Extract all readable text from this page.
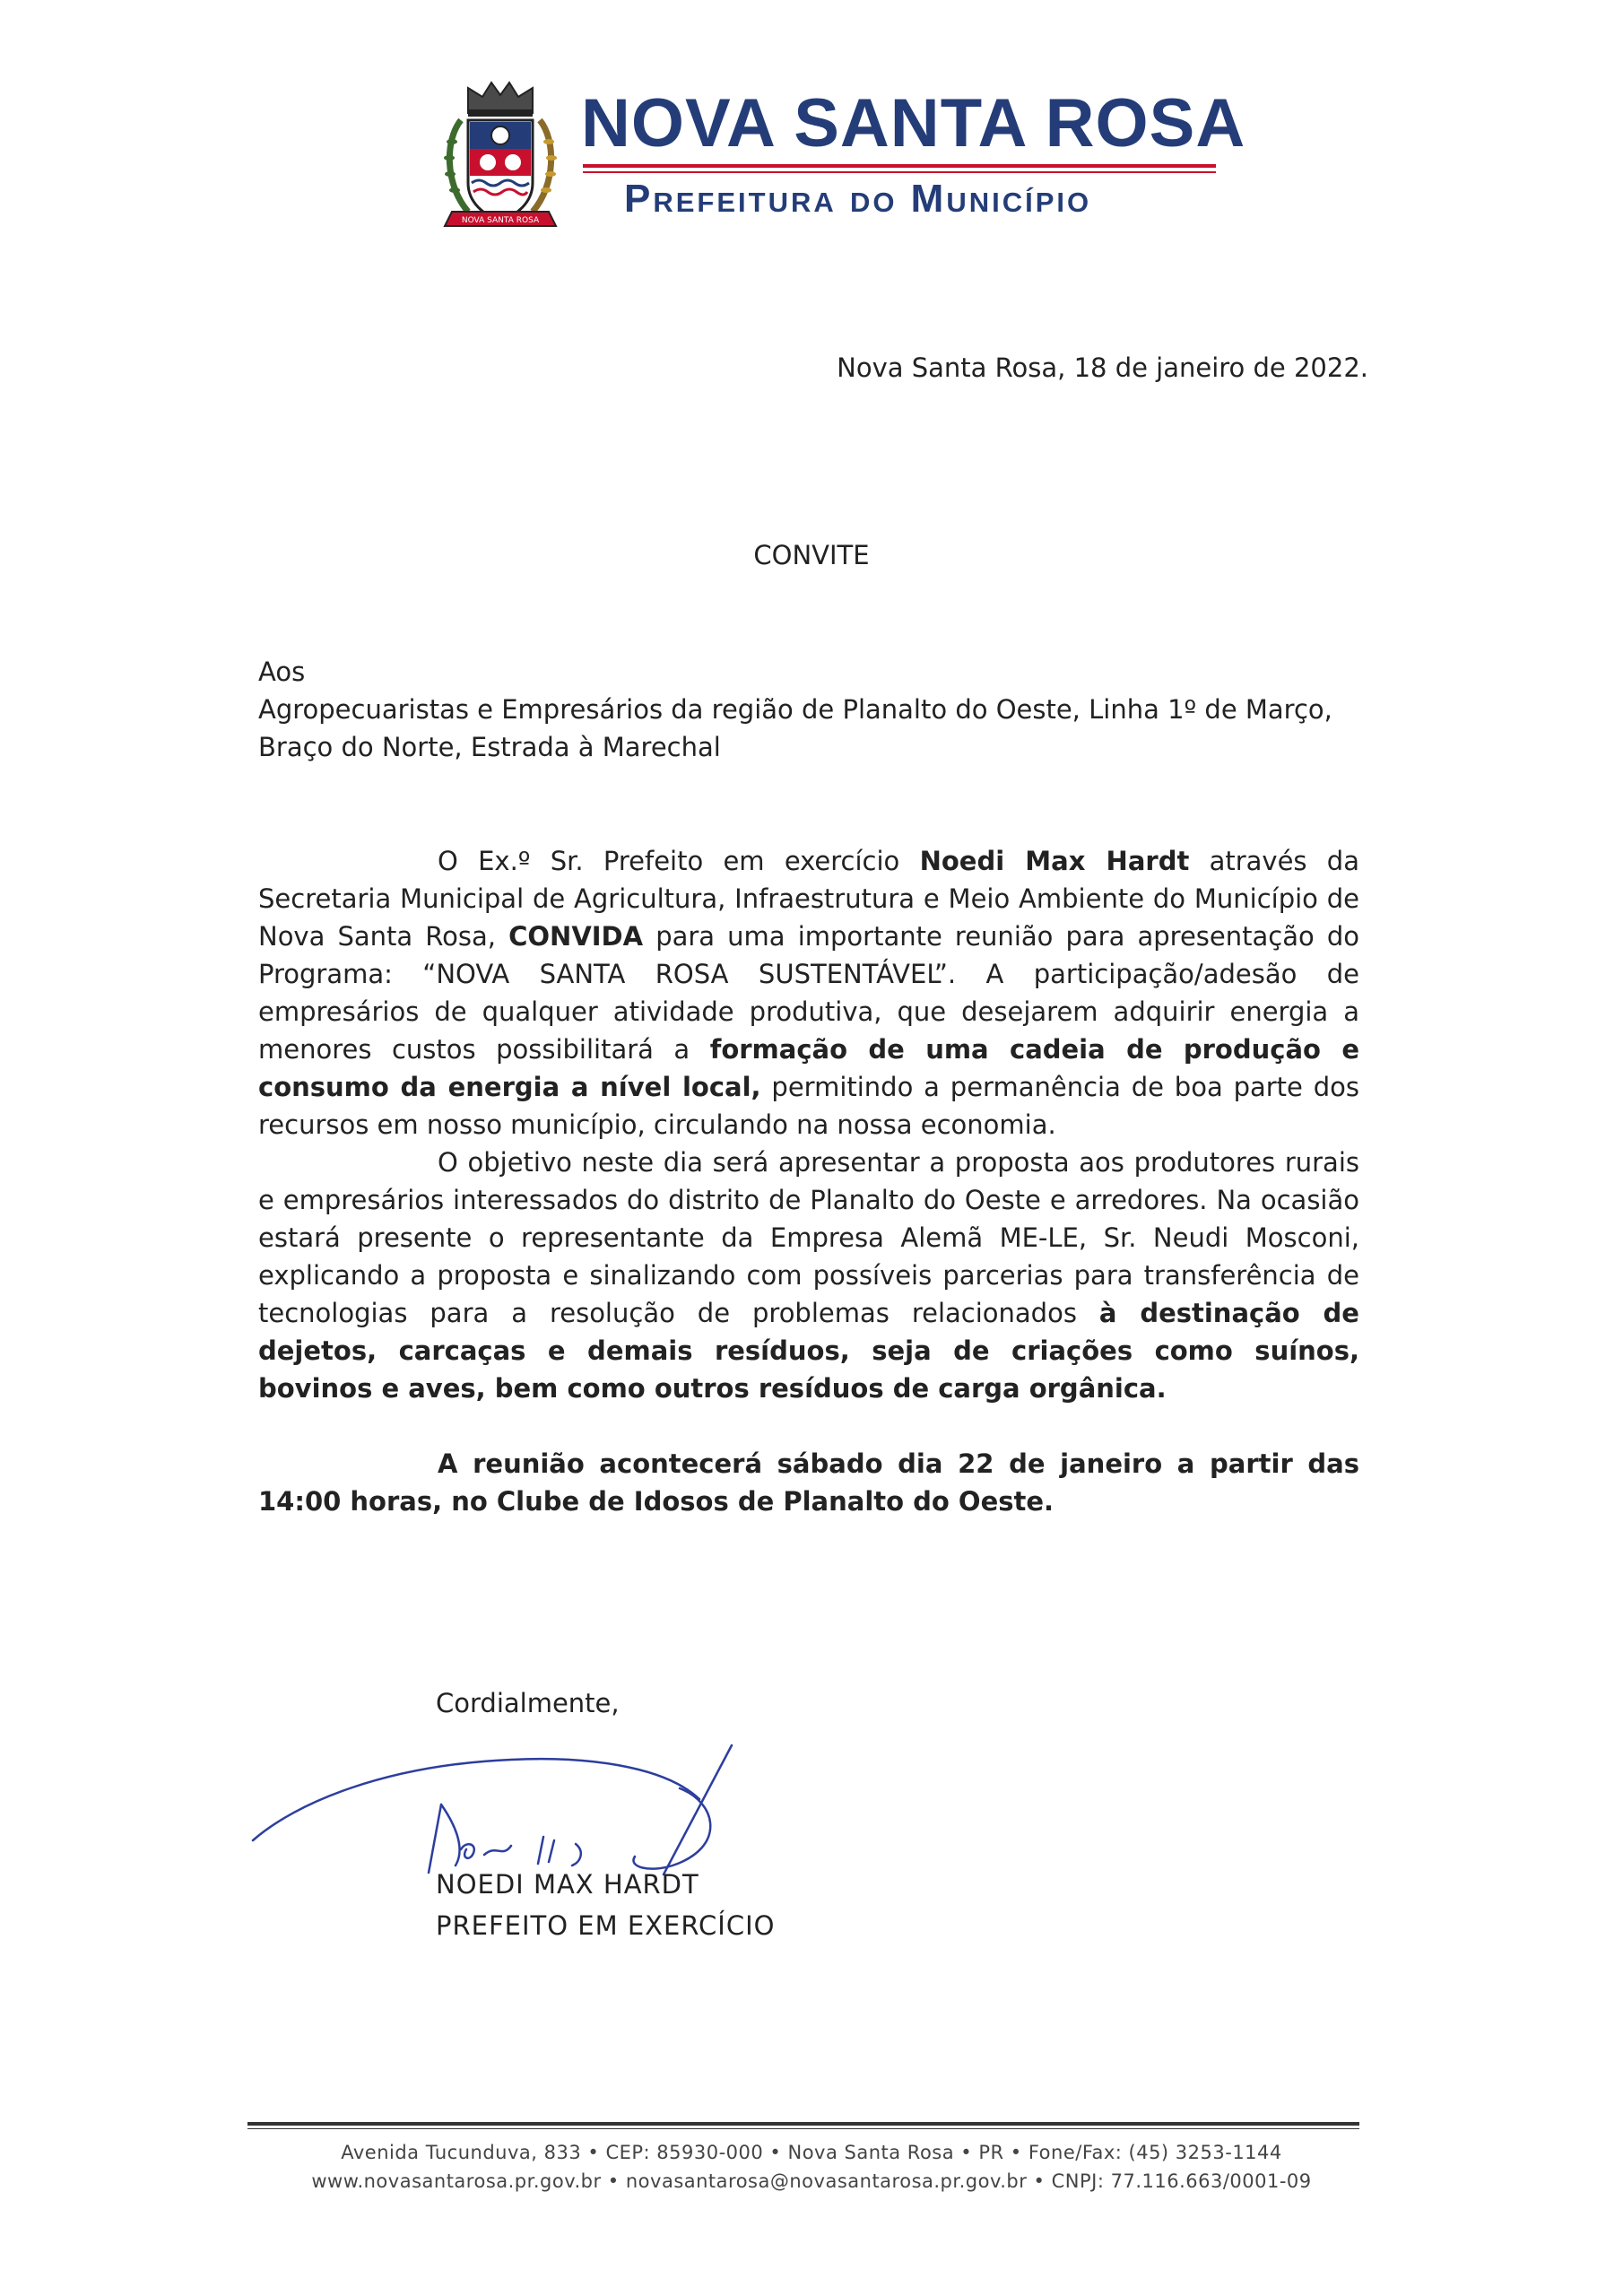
NOVA SANTA ROSA
NOVA SANTA ROSA
Prefeitura do Município
Nova Santa Rosa, 18 de janeiro de 2022.
CONVITE
Aos
Agropecuaristas e Empresários da região de Planalto do Oeste, Linha 1º de Março, Braço do Norte, Estrada à Marechal

O Ex.º Sr. Prefeito em exercício Noedi Max Hardt através da Secretaria Municipal de Agricultura, Infraestrutura e Meio Ambiente do Município de Nova Santa Rosa, CONVIDA para uma importante reunião para apresentação do Programa: “NOVA SANTA ROSA SUSTENTÁVEL”. A participação/adesão de empresários de qualquer atividade produtiva, que desejarem adquirir energia a menores custos possibilitará a formação de uma cadeia de produção e consumo da energia a nível local, permitindo a permanência de boa parte dos recursos em nosso município, circulando na nossa economia.

O objetivo neste dia será apresentar a proposta aos produtores rurais e empresários interessados do distrito de Planalto do Oeste e arredores. Na ocasião estará presente o representante da Empresa Alemã ME-LE, Sr. Neudi Mosconi, explicando a proposta e sinalizando com possíveis parcerias para transferência de tecnologias para a resolução de problemas relacionados à destinação de dejetos, carcaças e demais resíduos, seja de criações como suínos, bovinos e aves, bem como outros resíduos de carga orgânica.

A reunião acontecerá sábado dia 22 de janeiro a partir das 14:00 horas, no Clube de Idosos de Planalto do Oeste.

Cordialmente,
NOEDI MAX HARDT
PREFEITO EM EXERCÍCIO
Avenida Tucunduva, 833 • CEP: 85930-000 • Nova Santa Rosa • PR • Fone/Fax: (45) 3253-1144
www.novasantarosa.pr.gov.br • novasantarosa@novasantarosa.pr.gov.br • CNPJ: 77.116.663/0001-09
